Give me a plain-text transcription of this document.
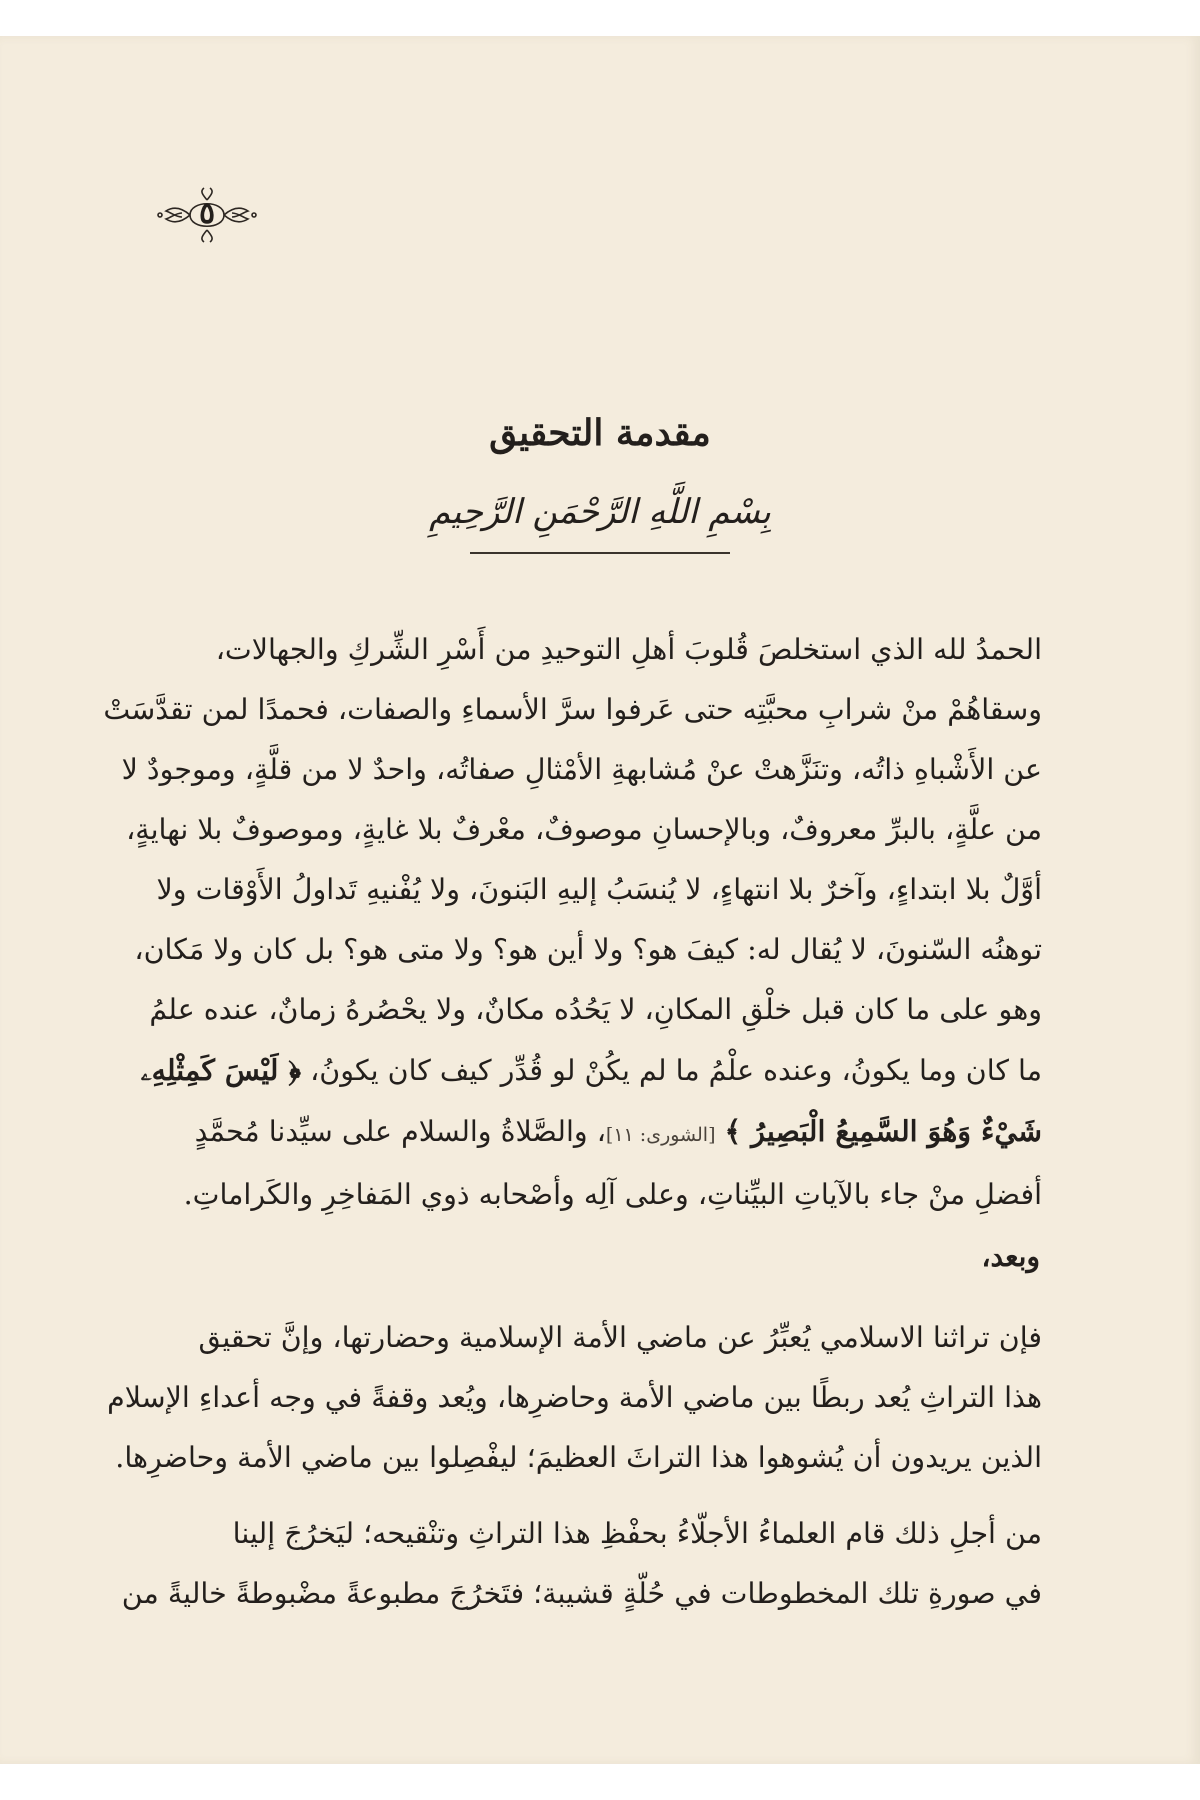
٥
مقدمة التحقيق
بِسْمِ اللَّهِ الرَّحْمَنِ الرَّحِيمِ
الحمدُ لله الذي استخلصَ قُلوبَ أهلِ التوحيدِ من أَسْرِ الشِّركِ والجهالات،
وسقاهُمْ منْ شرابِ محبَّتِه حتى عَرفوا سرَّ الأسماءِ والصفات، فحمدًا لمن تقدَّسَتْ
عن الأَشْباهِ ذاتُه، وتنَزَّهتْ عنْ مُشابهةِ الأمْثالِ صفاتُه، واحدٌ لا من قلَّةٍ، وموجودٌ لا
من علَّةٍ، بالبرِّ معروفٌ، وبالإحسانِ موصوفٌ، معْرفٌ بلا غايةٍ، وموصوفٌ بلا نهايةٍ،
أوَّلٌ بلا ابتداءٍ، وآخرٌ بلا انتهاءٍ، لا يُنسَبُ إليهِ البَنونَ، ولا يُفْنيهِ تَداولُ الأَوْقات ولا
توهنُه السّنونَ، لا يُقال له: كيفَ هو؟ ولا أين هو؟ ولا متى هو؟ بل كان ولا مَكان،
وهو على ما كان قبل خلْقِ المكانِ، لا يَحُدُه مكانٌ، ولا يحْصُرهُ زمانٌ، عنده علمُ
ما كان وما يكونُ، وعنده علْمُ ما لم يكُنْ لو قُدِّر كيف كان يكونُ، ﴿ لَيْسَ كَمِثْلِهِۦ
شَيْءٌ وَهُوَ السَّمِيعُ الْبَصِيرُ ﴾ [الشورى: ١١]، والصَّلاةُ والسلام على سيِّدنا مُحمَّدٍ
أفضلِ منْ جاء بالآياتِ البيِّناتِ، وعلى آلِه وأصْحابه ذوي المَفاخِرِ والكَراماتِ.
وبعد،
فإن تراثنا الاسلامي يُعبِّرُ عن ماضي الأمة الإسلامية وحضارتها، وإنَّ تحقيق
هذا التراثِ يُعد ربطًا بين ماضي الأمة وحاضرِها، ويُعد وقفةً في وجه أعداءِ الإسلام
الذين يريدون أن يُشوهوا هذا التراثَ العظيمَ؛ ليفْصِلوا بين ماضي الأمة وحاضرِها.
من أجلِ ذلك قام العلماءُ الأجلّاءُ بحفْظِ هذا التراثِ وتنْقيحه؛ ليَخرُجَ إلينا
في صورةِ تلك المخطوطات في حُلّةٍ قشيبة؛ فتَخرُجَ مطبوعةً مضْبوطةً خاليةً من
